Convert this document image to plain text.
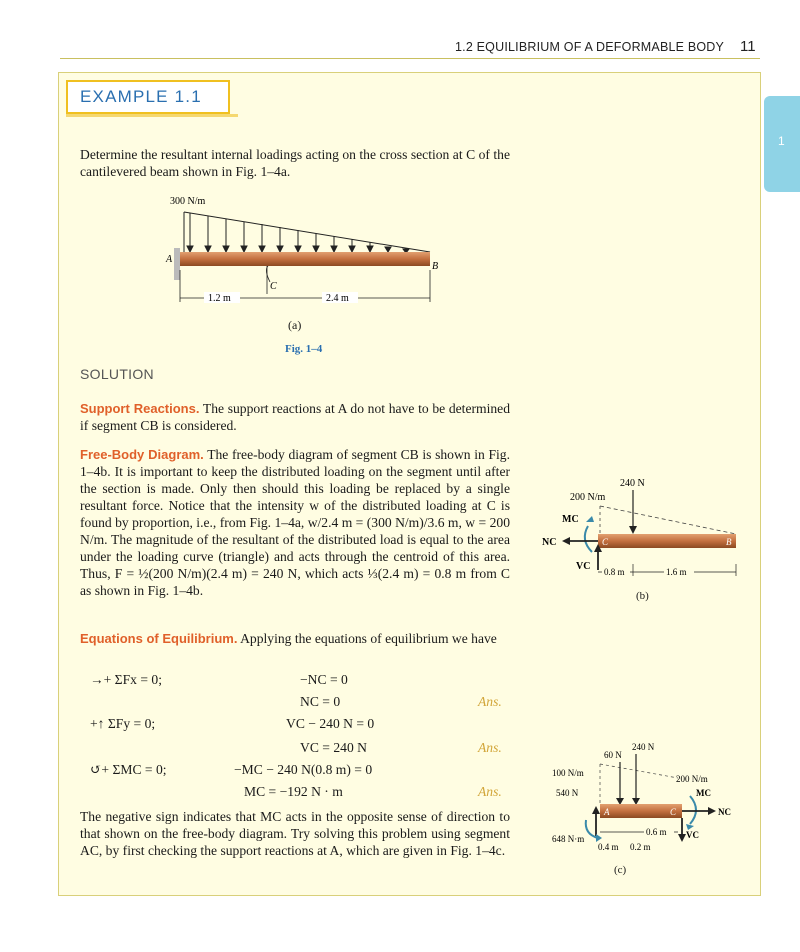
1.2 EQUILIBRIUM OF A DEFORMABLE BODY 11
1
EXAMPLE 1.1

Determine the resultant internal loadings acting on the cross section at C of the cantilevered beam shown in Fig. 1–4a.

300 N/m
A
B
C
1.2 m	2.4 m
(a)
Fig. 1–4
SOLUTION

Support Reactions. The support reactions at A do not have to be determined if segment CB is considered.

Free-Body Diagram. The free-body diagram of segment CB is shown in Fig. 1–4b. It is important to keep the distributed loading on the segment until after the section is made. Only then should this loading be replaced by a single resultant force. Notice that the intensity w of the distributed loading at C is found by proportion, i.e., from Fig. 1–4a, w/2.4 m = (300 N/m)/3.6 m, w = 200 N/m. The magnitude of the resultant of the distributed load is equal to the area under the loading curve (triangle) and acts through the centroid of this area. Thus, F = ½(200 N/m)(2.4 m) = 240 N, which acts ⅓(2.4 m) = 0.8 m from C as shown in Fig. 1–4b.

Equations of Equilibrium. Applying the equations of equilibrium we have

→+ ΣFx = 0;	−NC = 0
NC = 0	Ans.
+↑ ΣFy = 0;	VC − 240 N = 0
VC = 240 N	Ans.
↺+ ΣMC = 0;	−MC − 240 N(0.8 m) = 0
MC = −192 N · m	Ans.

The negative sign indicates that MC acts in the opposite sense of direction to that shown on the free-body diagram. Try solving this problem using segment AC, by first checking the support reactions at A, which are given in Fig. 1–4c.

240 N
200 N/m
C	B
MC
NC
VC 0.8 m	1.6 m
(b)
60 N
240 N
100 N/m
200 N/m
540 N
A	C
648 N·m
MC
NC
VC
0.6 m
0.4 m 0.2 m
(c)
